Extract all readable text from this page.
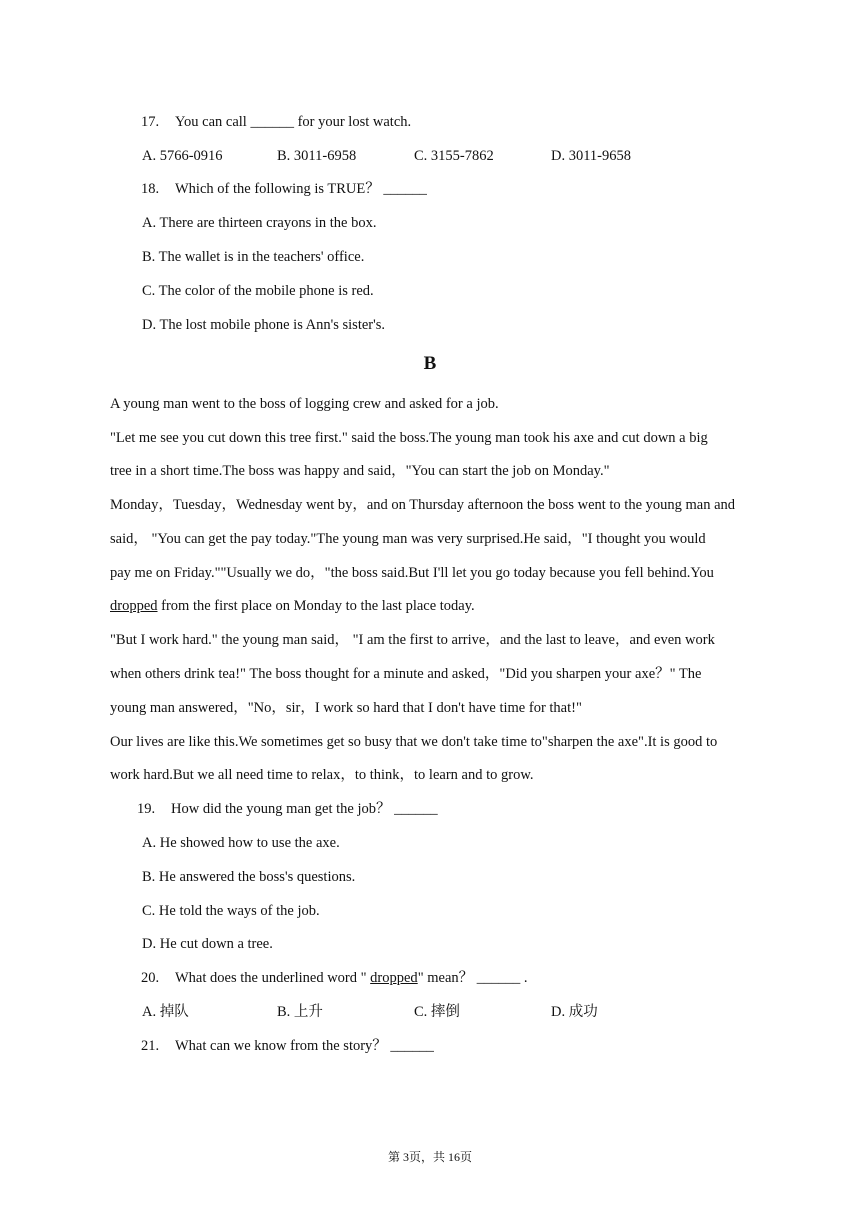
17. You can call ______ for your lost watch.
A. 5766-0916	B. 3011-6958	C. 3155-7862	D. 3011-9658
18. Which of the following is TRUE？ ______
A. There are thirteen crayons in the box.
B. The wallet is in the teachers' office.
C. The color of the mobile phone is red.
D. The lost mobile phone is Ann's sister's.
B
A young man went to the boss of logging crew and asked for a job.
"Let me see you cut down this tree first." said the boss.The young man took his axe and cut down a big
tree in a short time.The boss was happy and said，"You can start the job on Monday."
Monday，Tuesday，Wednesday went by，and on Thursday afternoon the boss went to the young man and
said， "You can get the pay today."The young man was very surprised.He said，"I thought you would
pay me on Friday.""Usually we do，"the boss said.But I'll let you go today because you fell behind.You
dropped from the first place on Monday to the last place today.
"But I work hard." the young man said， "I am the first to arrive，and the last to leave，and even work
when others drink tea!" The boss thought for a minute and asked，"Did you sharpen your axe？" The
young man answered，"No，sir，I work so hard that I don't have time for that!"
Our lives are like this.We sometimes get so busy that we don't take time to"sharpen the axe".It is good to
work hard.But we all need time to relax，to think，to learn and to grow.
19. How did the young man get the job？ ______
A. He showed how to use the axe.
B. He answered the boss's questions.
C. He told the ways of the job.
D. He cut down a tree.
20. What does the underlined word " dropped" mean？ ______ .
A. 掉队	B. 上升	C. 摔倒	D. 成功
21. What can we know from the story？ ______
第 3页，共 16页
